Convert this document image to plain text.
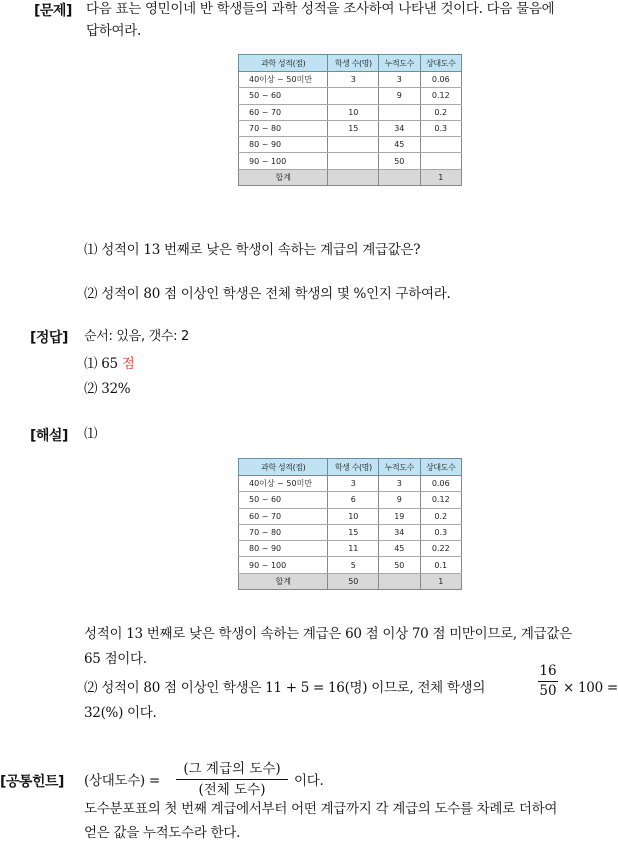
[문제] 다음 표는 영민이네 반 학생들의 과학 성적을 조사하여 나타낸 것이다. 다음 물음에
답하여라.
과학 성적(점)	학생 수(명)	누적도수	상대도수
40이상 ~ 50미만	3	3	0.06
50 ~ 60		9	0.12
60 ~ 70	10		0.2
70 ~ 80	15	34	0.3
80 ~ 90		45	
90 ~ 100		50	
합계			1
⑴ 성적이 13 번째로 낮은 학생이 속하는 계급의 계급값은?
⑵ 성적이 80 점 이상인 학생은 전체 학생의 몇 %인지 구하여라.
[정답] 순서: 있음, 갯수: 2
⑴ 65 점
⑵ 32%
[해설] ⑴
과학 성적(점)	학생 수(명)	누적도수	상대도수
40이상 ~ 50미만	3	3	0.06
50 ~ 60	6	9	0.12
60 ~ 70	10	19	0.2
70 ~ 80	15	34	0.3
80 ~ 90	11	45	0.22
90 ~ 100	5	50	0.1
합계	50		1
성적이 13 번째로 낮은 학생이 속하는 계급은 60 점 이상 70 점 미만이므로, 계급값은
65 점이다.
⑵ 성적이 80 점 이상인 학생은 11 + 5 = 16(명) 이므로, 전체 학생의	$\frac{16}{50} \times 100$ =
32(%) 이다.
[공통힌트] (상대도수) =
(그 계급의 도수)
(전체 도수)
이다.
도수분포표의 첫 번째 계급에서부터 어떤 계급까지 각 계급의 도수를 차례로 더하여
얻은 값을 누적도수라 한다.
